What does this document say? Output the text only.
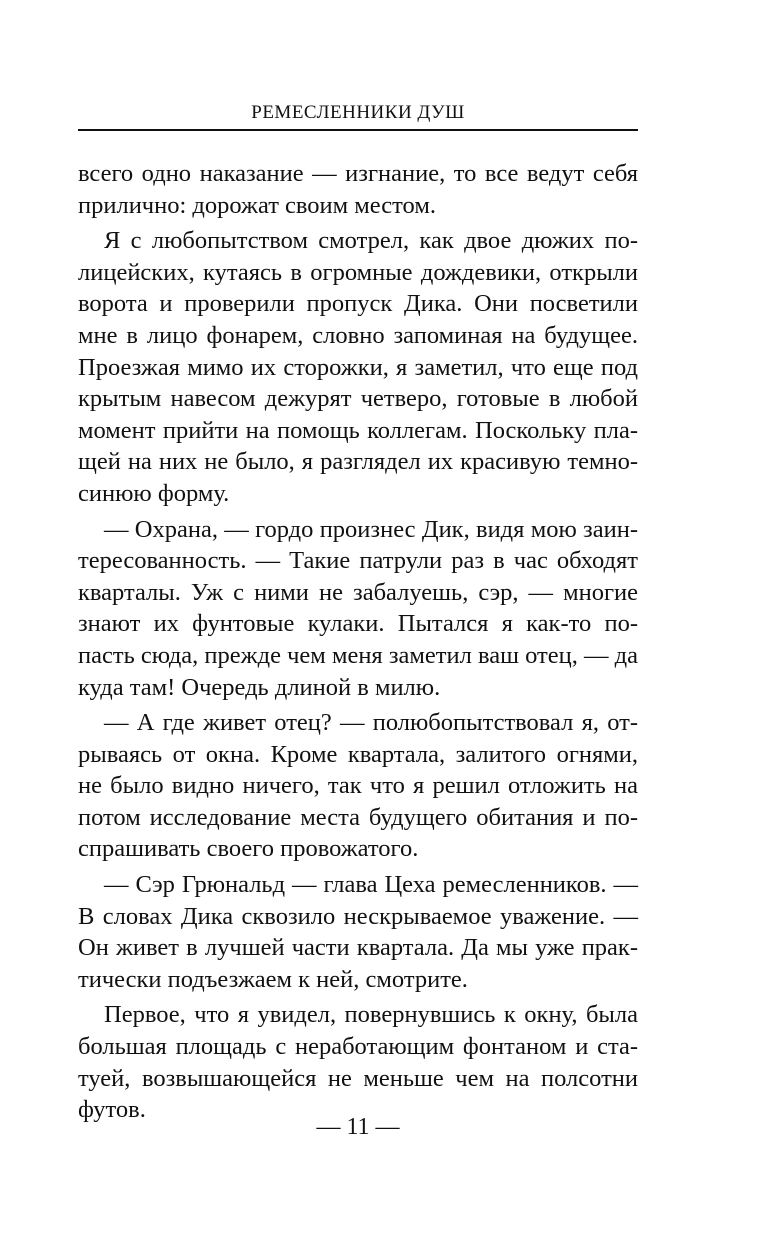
РЕМЕСЛЕННИКИ ДУШ
всего одно наказание — изгнание, то все ведут себя
прилично: дорожат своим местом.
Я с любопытством смотрел, как двое дюжих по-
лицейских, кутаясь в огромные дождевики, открыли
ворота и проверили пропуск Дика. Они посветили
мне в лицо фонарем, словно запоминая на будущее.
Проезжая мимо их сторожки, я заметил, что еще под
крытым навесом дежурят четверо, готовые в любой
момент прийти на помощь коллегам. Поскольку пла-
щей на них не было, я разглядел их красивую темно-
синюю форму.
— Охрана, — гордо произнес Дик, видя мою заин-
тересованность. — Такие патрули раз в час обходят
кварталы. Уж с ними не забалуешь, сэр, — многие
знают их фунтовые кулаки. Пытался я как-то по-
пасть сюда, прежде чем меня заметил ваш отец, — да
куда там! Очередь длиной в милю.
— А где живет отец? — полюбопытствовал я, от-
рываясь от окна. Кроме квартала, залитого огнями,
не было видно ничего, так что я решил отложить на
потом исследование места будущего обитания и по-
спрашивать своего провожатого.
— Сэр Грюнальд — глава Цеха ремесленников. —
В словах Дика сквозило нескрываемое уважение. —
Он живет в лучшей части квартала. Да мы уже прак-
тически подъезжаем к ней, смотрите.
Первое, что я увидел, повернувшись к окну, была
большая площадь с неработающим фонтаном и ста-
туей, возвышающейся не меньше чем на полсотни
футов.
— 11 —
